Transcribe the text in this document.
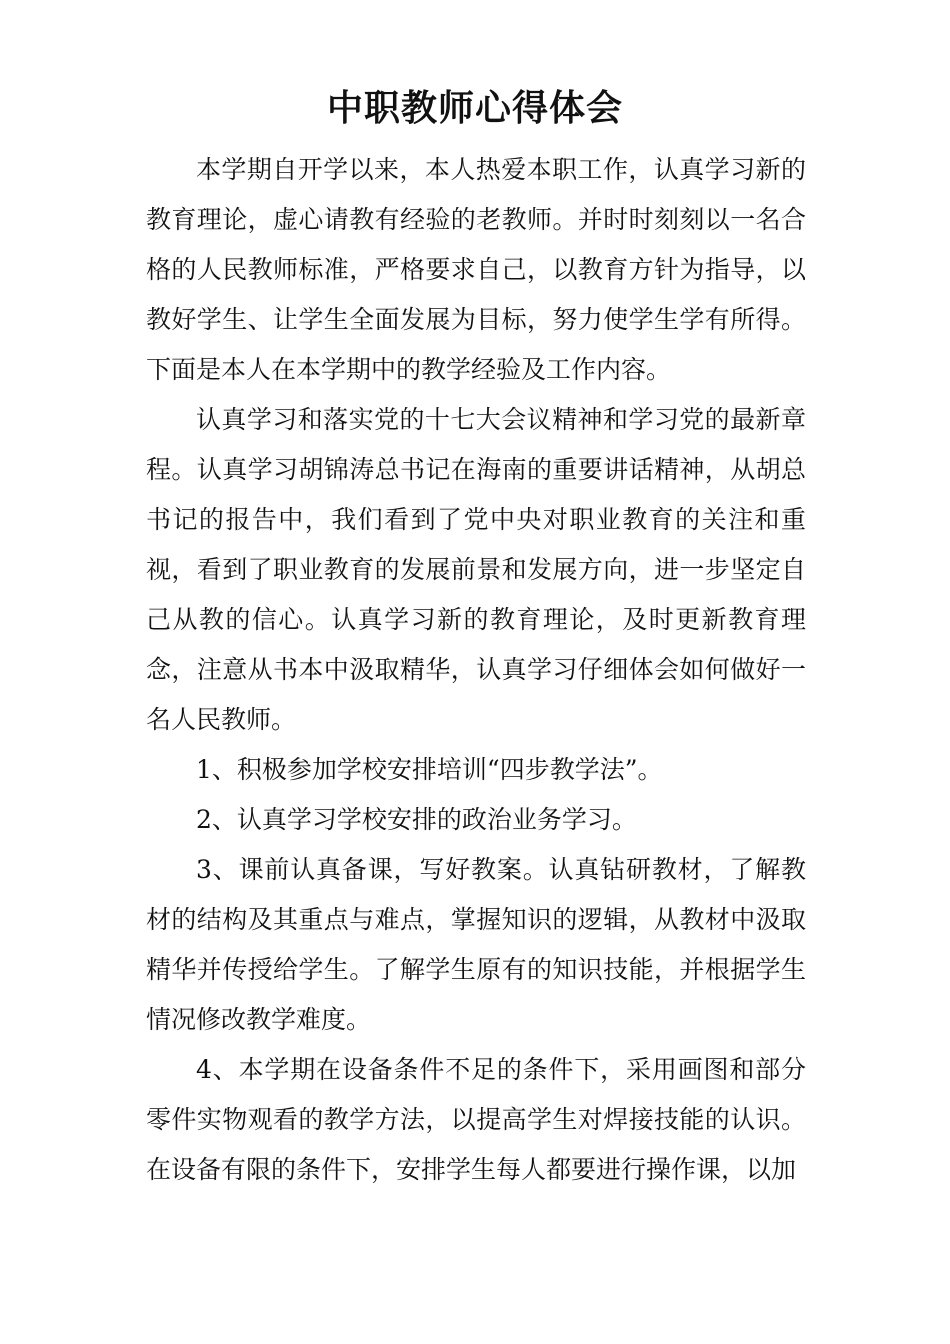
中职教师心得体会

本学期自开学以来，本人热爱本职工作，认真学习新的教育理论，虚心请教有经验的老教师。并时时刻刻以一名合格的人民教师标准，严格要求自己，以教育方针为指导，以教好学生、让学生全面发展为目标，努力使学生学有所得。下面是本人在本学期中的教学经验及工作内容。

认真学习和落实党的十七大会议精神和学习党的最新章程。认真学习胡锦涛总书记在海南的重要讲话精神，从胡总书记的报告中，我们看到了党中央对职业教育的关注和重视，看到了职业教育的发展前景和发展方向，进一步坚定自己从教的信心。认真学习新的教育理论，及时更新教育理念，注意从书本中汲取精华，认真学习仔细体会如何做好一名人民教师。

1、积极参加学校安排培训“四步教学法”。

2、认真学习学校安排的政治业务学习。

3、课前认真备课，写好教案。认真钻研教材，了解教材的结构及其重点与难点，掌握知识的逻辑，从教材中汲取精华并传授给学生。了解学生原有的知识技能，并根据学生情况修改教学难度。

4、本学期在设备条件不足的条件下，采用画图和部分零件实物观看的教学方法，以提高学生对焊接技能的认识。在设备有限的条件下，安排学生每人都要进行操作课，以加
